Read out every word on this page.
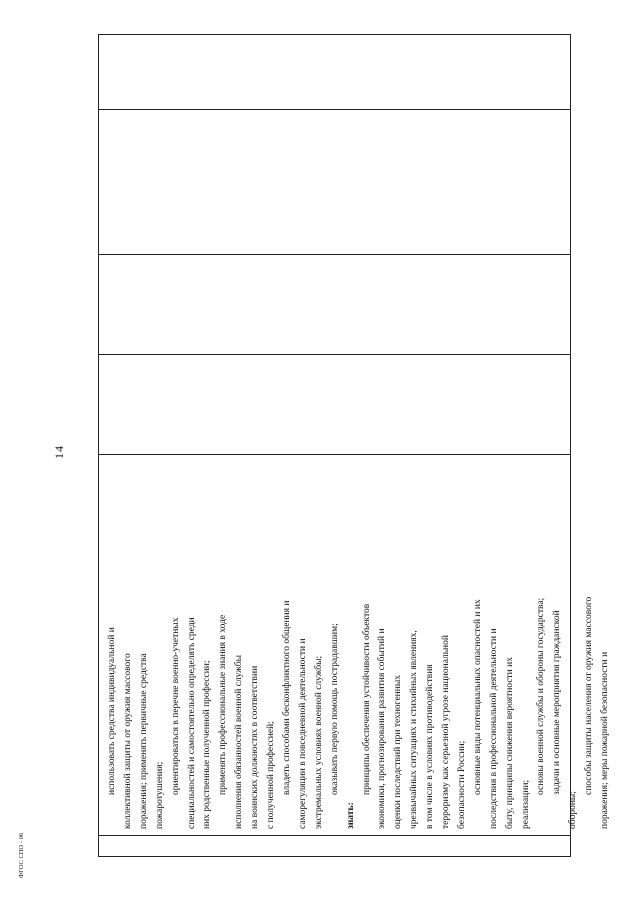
14
ФГОС СПО - 06
использовать средства индивидуальной и коллективной защиты от оружия массового поражения; применять первичные средства пожаротушения;
ориентироваться в перечне военно-учетных специальностей и самостоятельно определять среди них родственные полученной профессии; применять профессиональные знания в ходе исполнения обязанностей военной службы на воинских должностях в соответствии с полученной профессией; владеть способами бесконфликтного общения и саморегуляции в повседневной деятельности и экстремальных условиях военной службы; оказывать первую помощь пострадавшим;
знать:
принципы обеспечения устойчивости объектов экономики, прогнозирования развития событий и оценки последствий при техногенных чрезвычайных ситуациях и стихийных явлениях, в том числе в условиях противодействия терроризму как серьезной угрозе национальной безопасности России; основные виды потенциальных опасностей и их последствия в профессиональной деятельности и быту, принципы снижения вероятности их реализации;
основы военной службы и обороны государства; задачи и основные мероприятия гражданской
обороны;
способы защиты населения от оружия массового поражения; меры пожарной безопасности и
